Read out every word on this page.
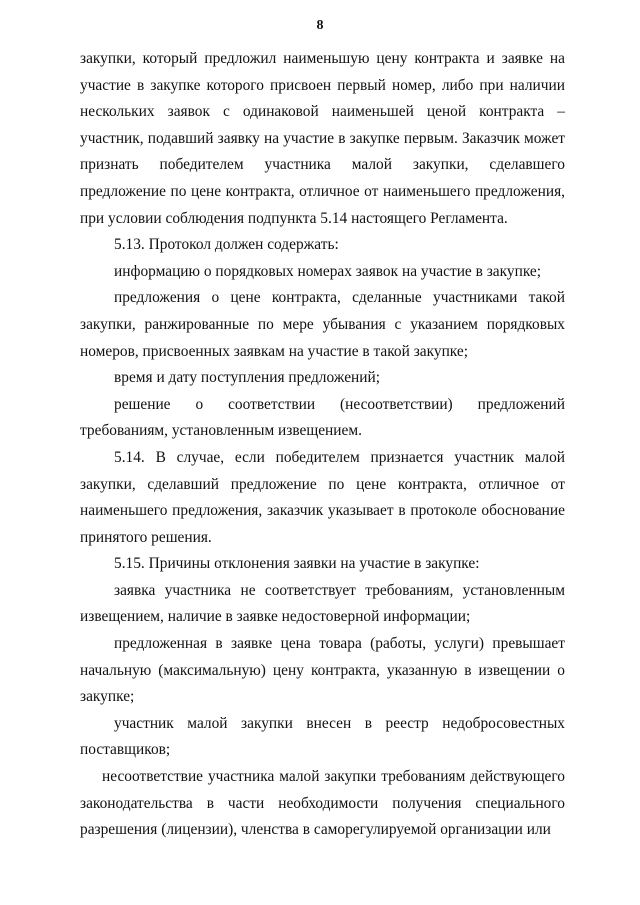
8

закупки, который предложил наименьшую цену контракта и заявке на участие в закупке которого присвоен первый номер, либо при наличии нескольких заявок с одинаковой наименьшей ценой контракта – участник, подавший заявку на участие в закупке первым. Заказчик может признать победителем участника малой закупки, сделавшего предложение по цене контракта, отличное от наименьшего предложения, при условии соблюдения подпункта 5.14 настоящего Регламента.

5.13. Протокол должен содержать:

информацию о порядковых номерах заявок на участие в закупке;

предложения о цене контракта, сделанные участниками такой закупки, ранжированные по мере убывания с указанием порядковых номеров, присвоенных заявкам на участие в такой закупке;

время и дату поступления предложений;

решение о соответствии (несоответствии) предложений требованиям, установленным извещением.

5.14. В случае, если победителем признается участник малой закупки, сделавший предложение по цене контракта, отличное от наименьшего предложения, заказчик указывает в протоколе обоснование принятого решения.

5.15. Причины отклонения заявки на участие в закупке:

заявка участника не соответствует требованиям, установленным извещением, наличие в заявке недостоверной информации;

предложенная в заявке цена товара (работы, услуги) превышает начальную (максимальную) цену контракта, указанную в извещении о закупке;

участник малой закупки внесен в реестр недобросовестных поставщиков;

несоответствие участника малой закупки требованиям действующего законодательства в части необходимости получения специального разрешения (лицензии), членства в саморегулируемой организации или
